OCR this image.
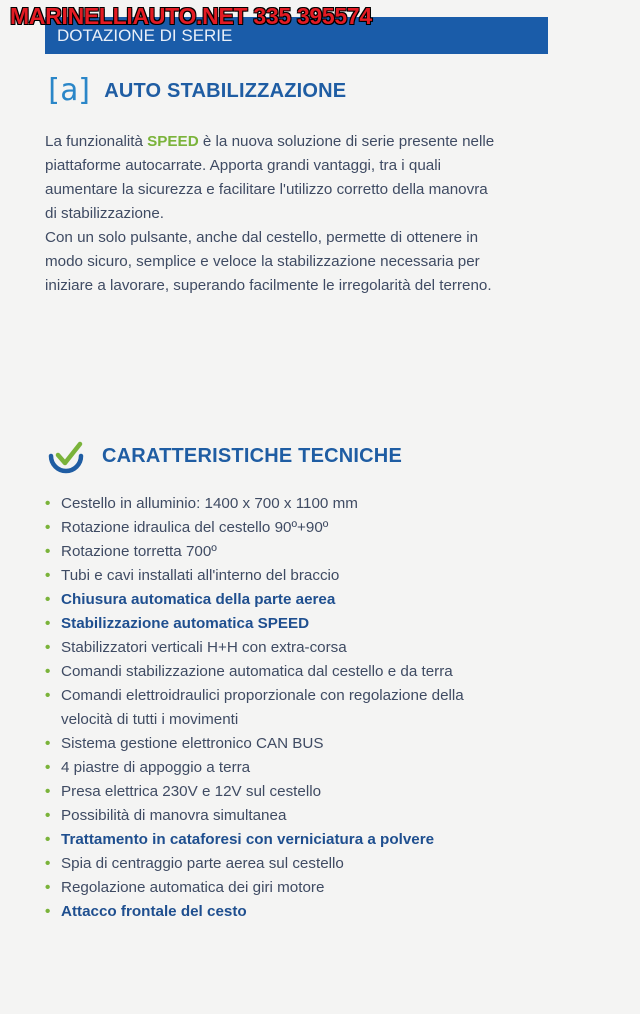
MARINELLIAUTO.NET 335 395574
DOTAZIONE DI SERIE
[a] AUTO STABILIZZAZIONE
La funzionalità SPEED è la nuova soluzione di serie presente nelle piattaforme autocarrate. Apporta grandi vantaggi, tra i quali aumentare la sicurezza e facilitare l'utilizzo corretto della manovra di stabilizzazione.
Con un solo pulsante, anche dal cestello, permette di ottenere in modo sicuro, semplice e veloce la stabilizzazione necessaria per iniziare a lavorare, superando facilmente le irregolarità del terreno.
CARATTERISTICHE TECNICHE
• Cestello in alluminio: 1400 x 700 x 1100 mm
• Rotazione idraulica del cestello 90º+90º
• Rotazione torretta 700º
• Tubi e cavi installati all'interno del braccio
• Chiusura automatica della parte aerea
• Stabilizzazione automatica SPEED
• Stabilizzatori verticali H+H con extra-corsa
• Comandi stabilizzazione automatica dal cestello e da terra
• Comandi elettroidraulici proporzionale con regolazione della velocità di tutti i movimenti
• Sistema gestione elettronico CAN BUS
• 4 piastre di appoggio a terra
• Presa elettrica 230V e 12V sul cestello
• Possibilità di manovra simultanea
• Trattamento in cataforesi con verniciatura a polvere
• Spia di centraggio parte aerea sul cestello
• Regolazione automatica dei giri motore
• Attacco frontale del cesto
